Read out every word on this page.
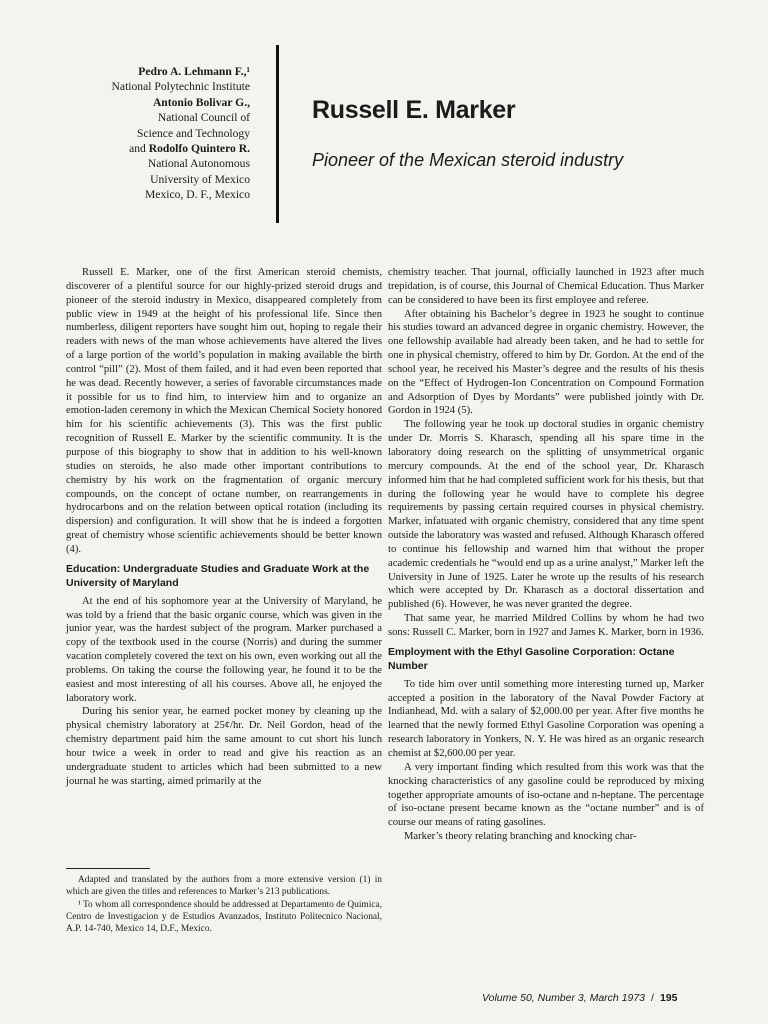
Pedro A. Lehmann F.,¹
National Polytechnic Institute
Antonio Bolivar G.,
National Council of
Science and Technology
and Rodolfo Quintero R.
National Autonomous
University of Mexico
Mexico, D. F., Mexico
Russell E. Marker
Pioneer of the Mexican steroid industry

Russell E. Marker, one of the first American steroid chemists, discoverer of a plentiful source for our highly-prized steroid drugs and pioneer of the steroid industry in Mexico, disappeared completely from public view in 1949 at the height of his professional life. Since then numberless, diligent reporters have sought him out, hoping to regale their readers with news of the man whose achievements have altered the lives of a large portion of the world’s population in making available the birth control “pill” (2). Most of them failed, and it had even been reported that he was dead. Recently however, a series of favorable circumstances made it possible for us to find him, to interview him and to organize an emotion-laden ceremony in which the Mexican Chemical Society honored him for his scientific achievements (3). This was the first public recognition of Russell E. Marker by the scientific community. It is the purpose of this biography to show that in addition to his well-known studies on steroids, he also made other important contributions to chemistry by his work on the fragmentation of organic mercury compounds, on the concept of octane number, on rearrangements in hydrocarbons and on the relation between optical rotation (including its dispersion) and configuration. It will show that he is indeed a forgotten great of chemistry whose scientific achievements should be better known (4).

Education: Undergraduate Studies and Graduate Work at the University of Maryland

At the end of his sophomore year at the University of Maryland, he was told by a friend that the basic organic course, which was given in the junior year, was the hardest subject of the program. Marker purchased a copy of the textbook used in the course (Norris) and during the summer vacation completely covered the text on his own, even working out all the problems. On taking the course the following year, he found it to be the easiest and most interesting of all his courses. Above all, he enjoyed the laboratory work.

During his senior year, he earned pocket money by cleaning up the physical chemistry laboratory at 25¢/hr. Dr. Neil Gordon, head of the chemistry department paid him the same amount to cut short his lunch hour twice a week in order to read and give his reaction as an undergraduate student to articles which had been submitted to a new journal he was starting, aimed primarily at the

chemistry teacher. That journal, officially launched in 1923 after much trepidation, is of course, this Journal of Chemical Education. Thus Marker can be considered to have been its first employee and referee.

After obtaining his Bachelor’s degree in 1923 he sought to continue his studies toward an advanced degree in organic chemistry. However, the one fellowship available had already been taken, and he had to settle for one in physical chemistry, offered to him by Dr. Gordon. At the end of the school year, he received his Master’s degree and the results of his thesis on the “Effect of Hydrogen-Ion Concentration on Compound Formation and Adsorption of Dyes by Mordants” were published jointly with Dr. Gordon in 1924 (5).

The following year he took up doctoral studies in organic chemistry under Dr. Morris S. Kharasch, spending all his spare time in the laboratory doing research on the splitting of unsymmetrical organic mercury compounds. At the end of the school year, Dr. Kharasch informed him that he had completed sufficient work for his thesis, but that during the following year he would have to complete his degree requirements by passing certain required courses in physical chemistry. Marker, infatuated with organic chemistry, considered that any time spent outside the laboratory was wasted and refused. Although Kharasch offered to continue his fellowship and warned him that without the proper academic credentials he “would end up as a urine analyst,” Marker left the University in June of 1925. Later he wrote up the results of his research which were accepted by Dr. Kharasch as a doctoral dissertation and published (6). However, he was never granted the degree.

That same year, he married Mildred Collins by whom he had two sons: Russell C. Marker, born in 1927 and James K. Marker, born in 1936.

Employment with the Ethyl Gasoline Corporation: Octane Number

To tide him over until something more interesting turned up, Marker accepted a position in the laboratory of the Naval Powder Factory at Indianhead, Md. with a salary of $2,000.00 per year. After five months he learned that the newly formed Ethyl Gasoline Corporation was opening a research laboratory in Yonkers, N. Y. He was hired as an organic research chemist at $2,600.00 per year.

A very important finding which resulted from this work was that the knocking characteristics of any gasoline could be reproduced by mixing together appropriate amounts of iso-octane and n-heptane. The percentage of iso-octane present became known as the “octane number” and is of course our means of rating gasolines.

Marker’s theory relating branching and knocking char-

Adapted and translated by the authors from a more extensive version (1) in which are given the titles and references to Marker’s 213 publications.

¹ To whom all correspondence should be addressed at Departamento de Quimica, Centro de Investigacion y de Estudios Avanzados, Instituto Politecnico Nacional, A.P. 14-740, Mexico 14, D.F., Mexico.

Volume 50, Number 3, March 1973 / 195
